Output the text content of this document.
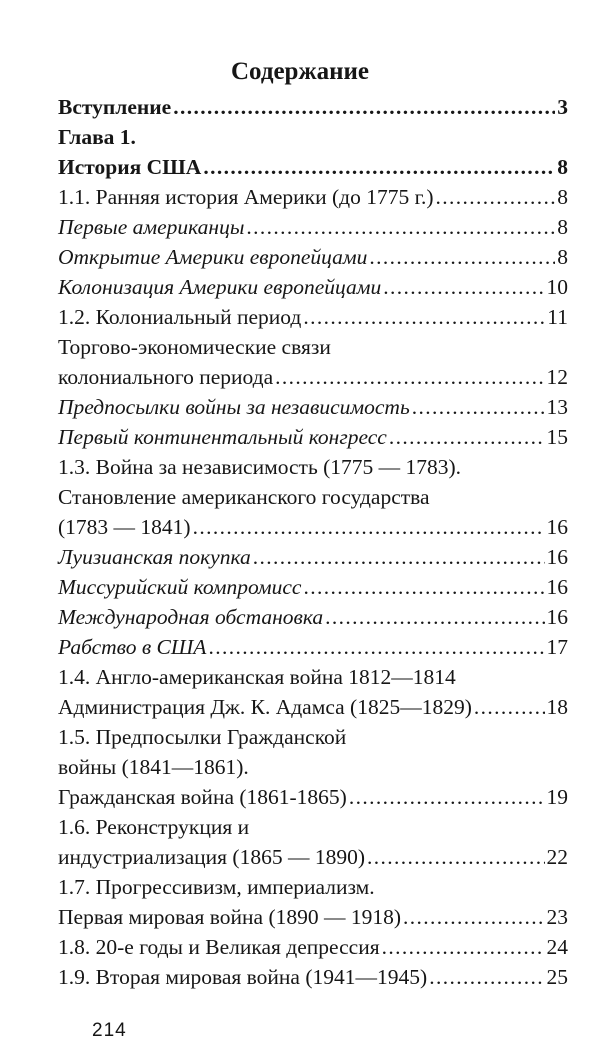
Содержание
Вступление . . .	3
Глава 1.
История США . . .	8
1.1. Ранняя история Америки (до 1775 г.) . . .	8
Первые американцы . . .	8
Открытие Америки европейцами . . .	8
Колонизация Америки европейцами . . .	10
1.2. Колониальный период . . .	11
Торгово-экономические связи
колониального периода . . .	12
Предпосылки войны за независимость . . .	13
Первый континентальный конгресс . . .	15
1.3. Война за независимость (1775 — 1783).
Становление американского государства
(1783 — 1841) . . .	16
Луизианская покупка . . .	16
Миссурийский компромисс . . .	16
Международная обстановка . . .	16
Рабство в США . . .	17
1.4. Англо-американская война 1812—1814
Администрация Дж. К. Адамса (1825—1829) . . .	18
1.5. Предпосылки Гражданской
войны (1841—1861).
Гражданская война (1861-1865) . . .	19
1.6. Реконструкция и
индустриализация (1865 — 1890) . . .	22
1.7. Прогрессивизм, империализм.
Первая мировая война (1890 — 1918) . . .	23
1.8. 20-е годы и Великая депрессия . . .	24
1.9. Вторая мировая война (1941—1945) . . .	25
214
